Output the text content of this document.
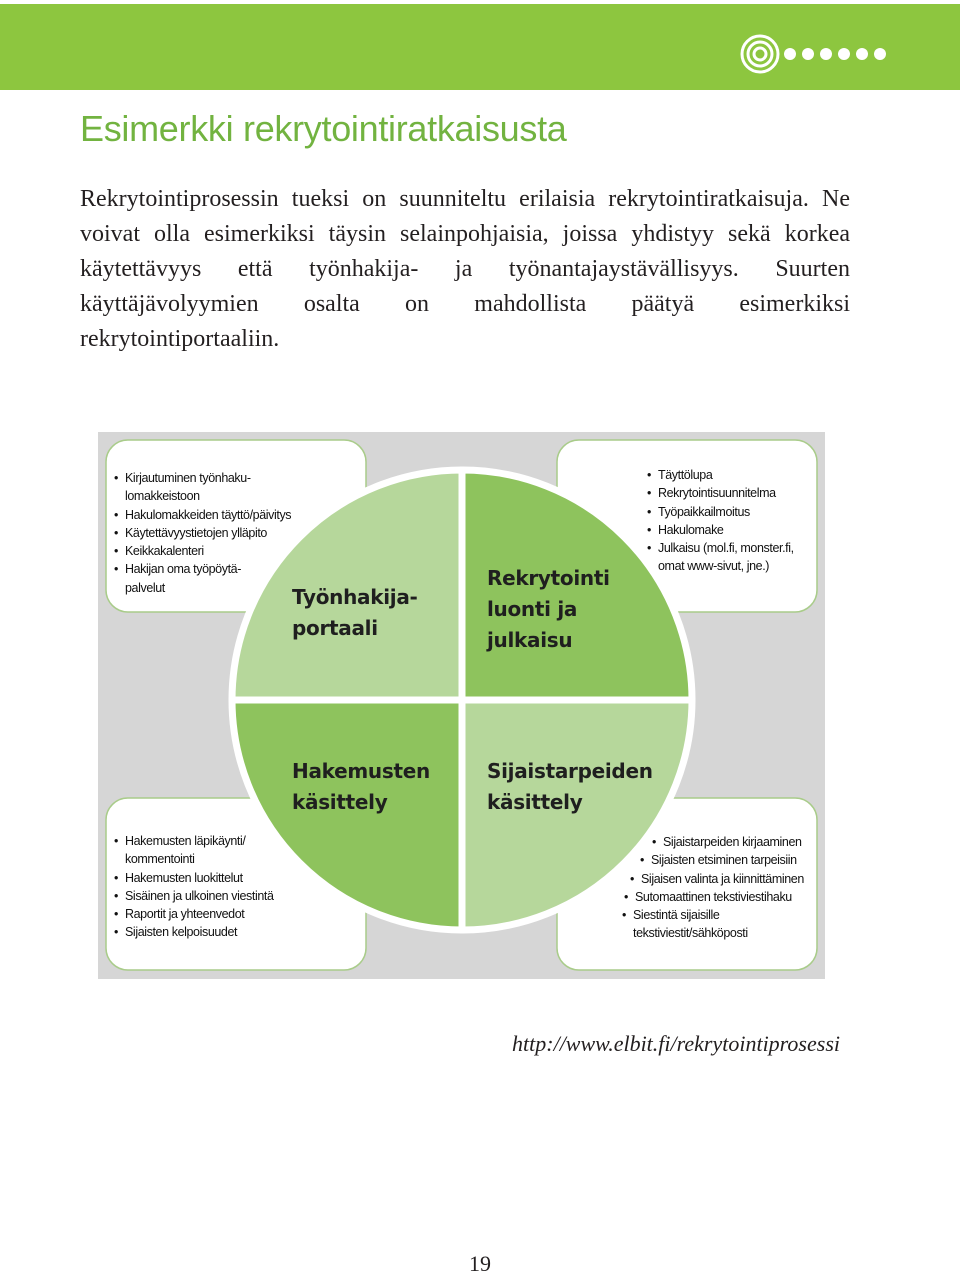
Esimerkki rekrytointiratkaisusta

Rekrytointiprosessin tueksi on suunniteltu erilaisia rekrytointiratkaisuja. Ne voivat olla esimerkiksi täysin selainpohjaisia, joissa yhdistyy sekä korkea käytettävyys että työnhakija- ja työnantajaystävällisyys. Suurten käyttäjävolyymien osalta on mahdollista päätyä esimerkiksi rekrytointiportaaliin.

• Kirjautuminen työnhaku-
lomakkeistoon
• Hakulomakkeiden täyttö/päivitys
• Käytettävyystietojen ylläpito
• Keikkakalenteri
• Hakijan oma työpöytä-
palvelut
• Täyttölupa
• Rekrytointisuunnitelma
• Työpaikkailmoitus
• Hakulomake
• Julkaisu (mol.fi, monster.fi,
omat www-sivut, jne.)
• Hakemusten läpikäynti/
kommentointi
• Hakemusten luokittelut
• Sisäinen ja ulkoinen viestintä
• Raportit ja yhteenvedot
• Sijaisten kelpoisuudet
• Sijaistarpeiden kirjaaminen
• Sijaisten etsiminen tarpeisiin
• Sijaisen valinta ja kiinnittäminen
• Sutomaattinen tekstiviestihaku
• Siestintä sijaisille
tekstiviestit/sähköposti

Työnhakija-
portaali

Rekrytointi
luonti ja
julkaisu

Hakemusten
käsittely

Sijaistarpeiden
käsittely

http://www.elbit.fi/rekrytointiprosessi
19
